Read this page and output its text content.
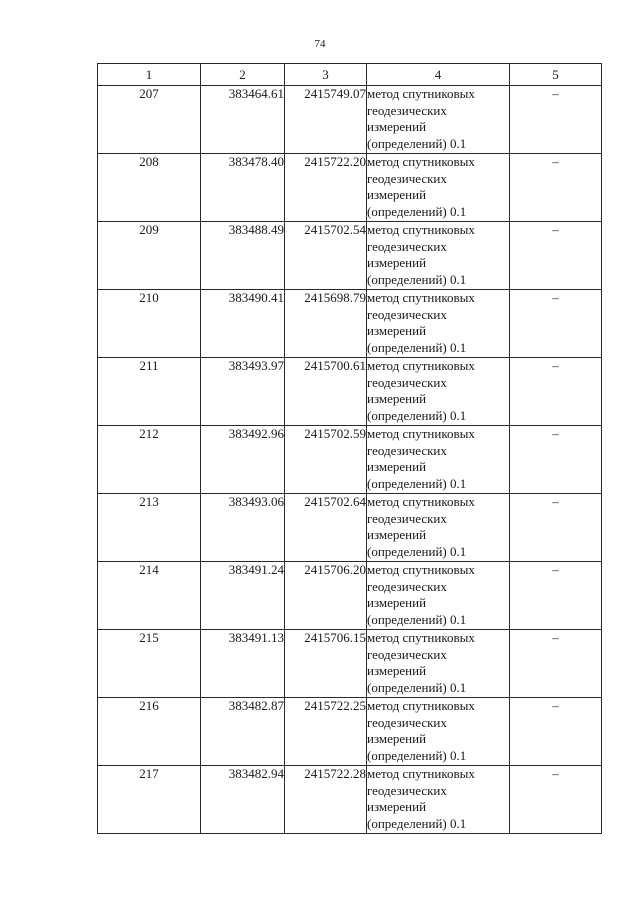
74
1	2	3	4	5
207	383464.61	2415749.07	метод спутниковых
геодезических
измерений
(определений) 0.1	–
208	383478.40	2415722.20	метод спутниковых
геодезических
измерений
(определений) 0.1	–
209	383488.49	2415702.54	метод спутниковых
геодезических
измерений
(определений) 0.1	–
210	383490.41	2415698.79	метод спутниковых
геодезических
измерений
(определений) 0.1	–
211	383493.97	2415700.61	метод спутниковых
геодезических
измерений
(определений) 0.1	–
212	383492.96	2415702.59	метод спутниковых
геодезических
измерений
(определений) 0.1	–
213	383493.06	2415702.64	метод спутниковых
геодезических
измерений
(определений) 0.1	–
214	383491.24	2415706.20	метод спутниковых
геодезических
измерений
(определений) 0.1	–
215	383491.13	2415706.15	метод спутниковых
геодезических
измерений
(определений) 0.1	–
216	383482.87	2415722.25	метод спутниковых
геодезических
измерений
(определений) 0.1	–
217	383482.94	2415722.28	метод спутниковых
геодезических
измерений
(определений) 0.1	–
